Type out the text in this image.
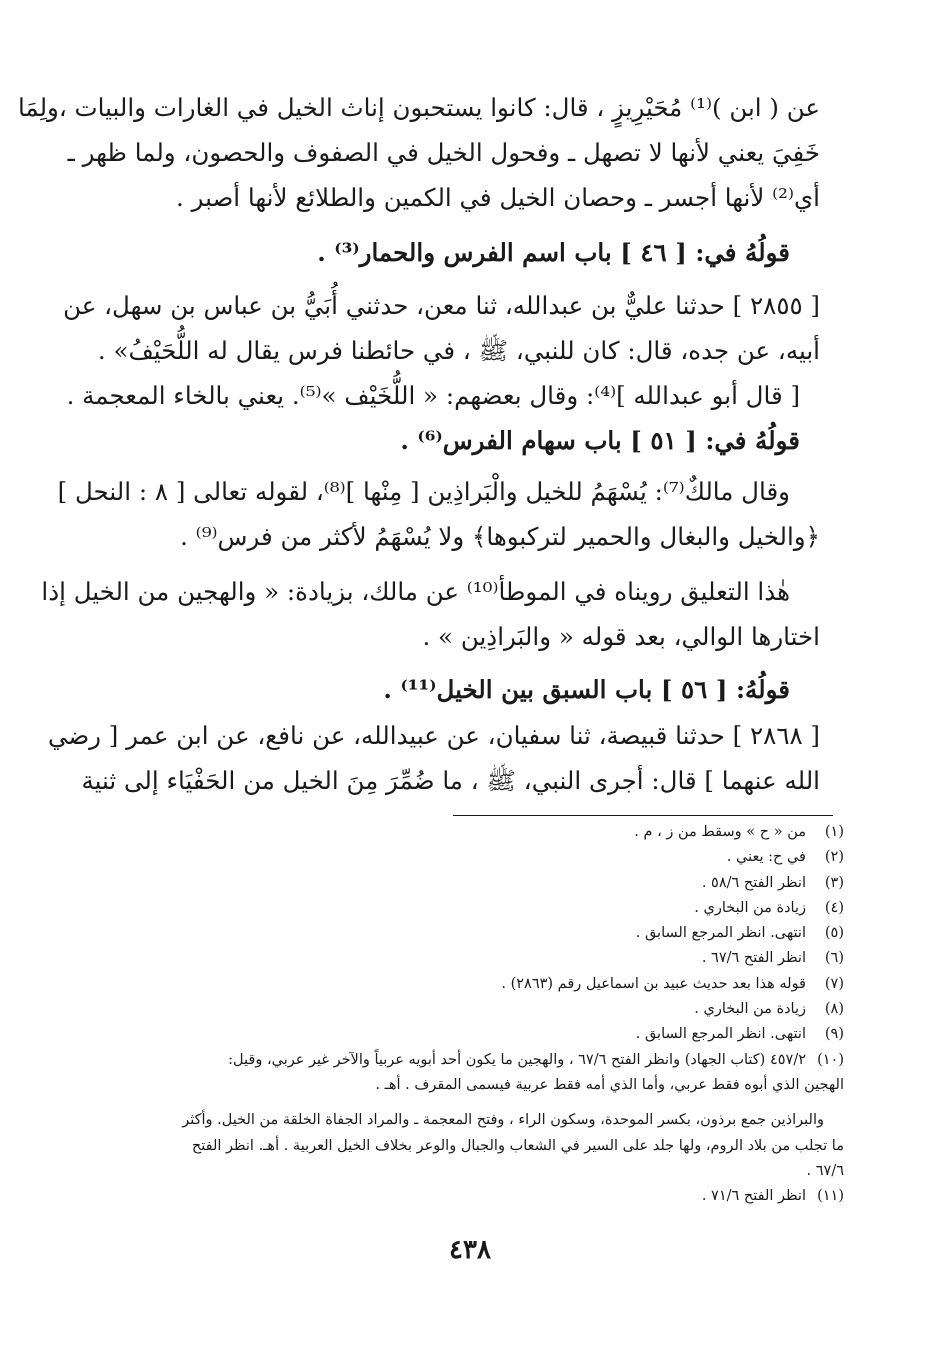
عن ( ابن )⁽¹⁾ مُحَيْرِيزٍ ، قال: كانوا يستحبون إناث الخيل في الغارات والبيات ،ولِمَا
خَفِيَ يعني لأنها لا تصهل ـ وفحول الخيل في الصفوف والحصون، ولما ظهر ـ
أي⁽²⁾ لأنها أجسر ـ وحصان الخيل في الكمين والطلائع لأنها أصبر .
قولُهُ في: [ ٤٦ ] باب اسم الفرس والحمار⁽³⁾ .
[ ٢٨٥٥ ] حدثنا عليٌّ بن عبدالله، ثنا معن، حدثني أُبَيُّ بن عباس بن سهل، عن
أبيه، عن جده، قال: كان للنبي، ﷺ ، في حائطنا فرس يقال له اللُّحَيْفُ» .
[ قال أبو عبدالله ]⁽⁴⁾: وقال بعضهم: « اللُّخَيْف »⁽⁵⁾. يعني بالخاء المعجمة .
قولُهُ في: [ ٥١ ] باب سهام الفرس⁽⁶⁾ .
وقال مالكٌ⁽⁷⁾: يُسْهَمُ للخيل والْبَراذِين [ مِنْها ]⁽⁸⁾، لقوله تعالى [ ٨ : النحل ]
﴿والخيل والبغال والحمير لتركبوها﴾ ولا يُسْهَمُ لأكثر من فرس⁽⁹⁾ .
هٰذا التعليق رويناه في الموطأ⁽¹⁰⁾ عن مالك، بزيادة: « والهجين من الخيل إذا
اختارها الوالي، بعد قوله « والبَراذِين » .
قولُهُ: [ ٥٦ ] باب السبق بين الخيل⁽¹¹⁾ .
[ ٢٨٦٨ ] حدثنا قبيصة، ثنا سفيان، عن عبيدالله، عن نافع، عن ابن عمر [ رضي
الله عنهما ] قال: أجرى النبي، ﷺ ، ما ضُمِّرَ مِنَ الخيل من الحَفْيَاء إلى ثنية
(١)من « ح » وسقط من ز ، م .
(٢)في ح: يعني .
(٣)انظر الفتح ٥٨/٦ .
(٤)زيادة من البخاري .
(٥)انتهى. انظر المرجع السابق .
(٦)انظر الفتح ٦٧/٦ .
(٧)قوله هذا بعد حديث عبيد بن اسماعيل رقم (٢٨٦٣) .
(٨)زيادة من البخاري .
(٩)انتهى. انظر المرجع السابق .
(١٠)٤٥٧/٢ (كتاب الجهاد) وانظر الفتح ٦٧/٦ ، والهجين ما يكون أحد أبويه عربياً والآخر غير عربي، وقيل:
الهجين الذي أبوه فقط عربي، وأما الذي أمه فقط عربية فيسمى المقرف . أهـ .
والبراذين جمع برذون، بكسر الموحدة، وسكون الراء ، وفتح المعجمة ـ والمراد الجفاة الخلقة من الخيل. وأكثر
ما تجلب من بلاد الروم، ولها جلد على السير في الشعاب والجبال والوعر بخلاف الخيل العربية . أهـ. انظر الفتح
٦٧/٦ .
(١١)انظر الفتح ٧١/٦ .
٤٣٨
